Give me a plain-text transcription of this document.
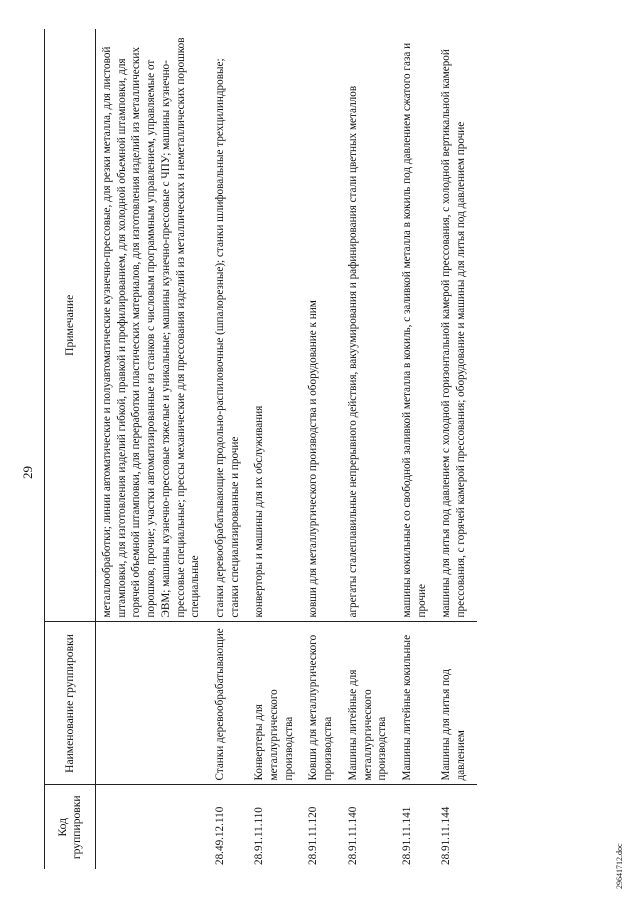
29
Код группировки	Наименование группировки	Примечание
		металлообработки; линии автоматические и полуавтоматические кузнечно-прессовые, для резки металла, для листовой штамповки, для изготовления изделий гибкой, правкой и профилированием, для холодной объемной штамповки, для горячей объемной штамповки, для переработки пластических материалов, для изготовления изделий из металлических порошков, прочие; участки автоматизированные из станков с числовым программным управлением, управляемые от ЭВМ; машины кузнечно-прессовые тяжелые и уникальные; машины кузнечно-прессовые с ЧПУ; машины кузнечно-прессовые специальные; прессы механические для прессования изделий из металлических и неметаллических порошков специальные
28.49.12.110	Станки деревообрабатывающие	станки деревообрабатывающие продольно-распиловочные (шпалорезные); станки шлифовальные трехцилиндровые; станки специализированные и прочие
28.91.11.110	Конвертеры для металлургического производства	конверторы и машины для их обслуживания
28.91.11.120	Ковши для металлургического производства	ковши для металлургического производства и оборудование к ним
28.91.11.140	Машины литейные для металлургического производства	агрегаты сталеплавильные непрерывного действия, вакуумирования и рафинирования стали цветных металлов
28.91.11.141	Машины литейные кокильные	машины кокильные со свободной заливкой металла в кокиль, с заливкой металла в кокиль под давлением сжатого газа и прочие
28.91.11.144	Машины для литья под давлением	машины для литья под давлением с холодной горизонтальной камерой прессования, с холодной вертикальной камерой прессования, с горячей камерой прессования; оборудование и машины для литья под давлением прочие
29641712.doc
